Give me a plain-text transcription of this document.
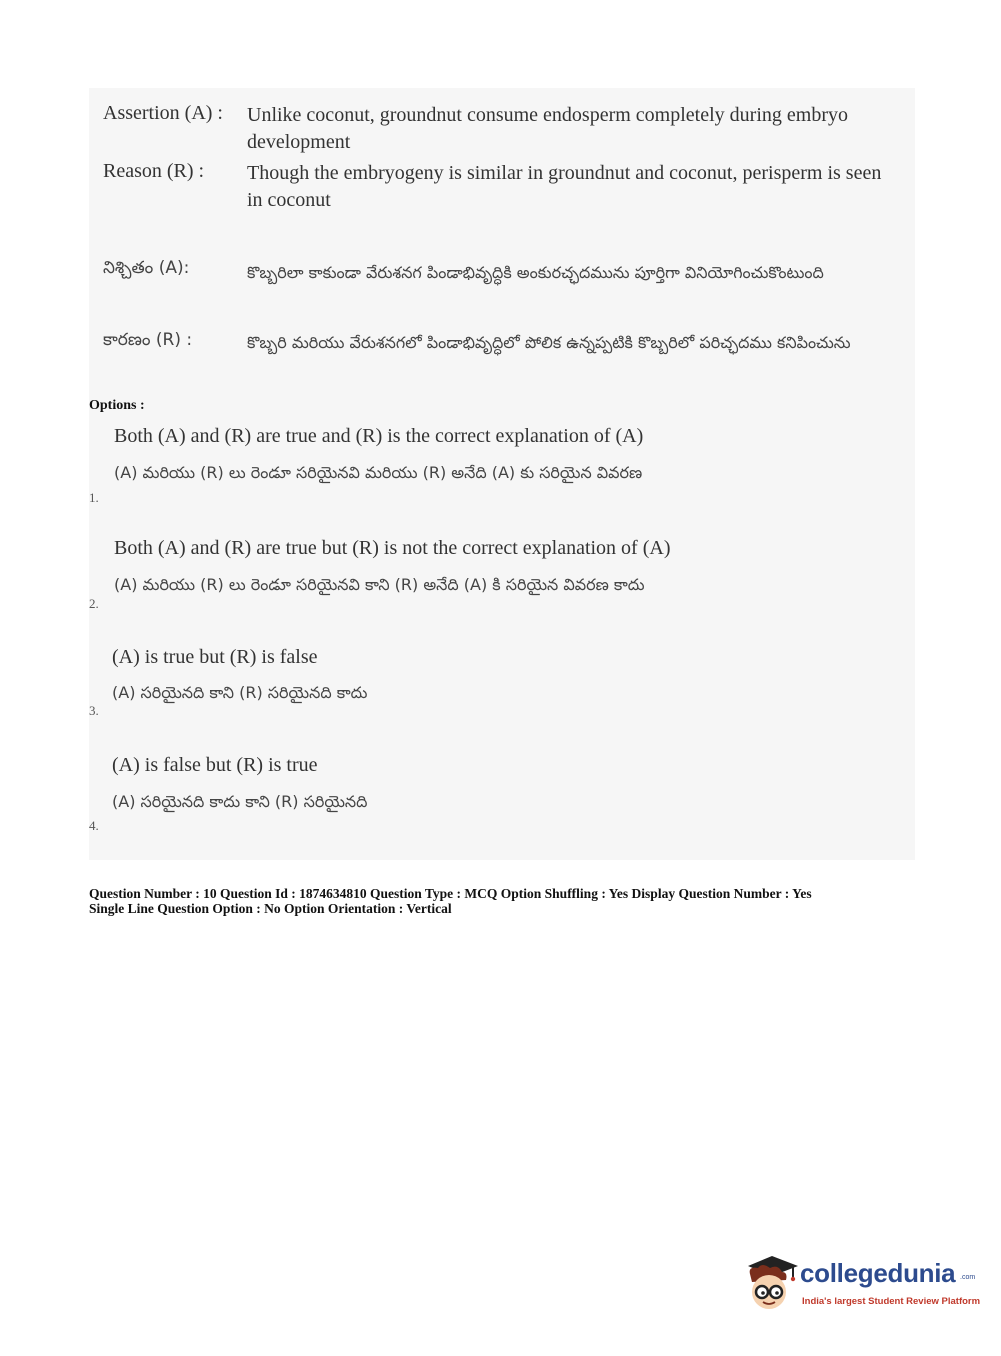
Assertion (A) : Unlike coconut, groundnut consume endosperm completely during embryo development
Reason (R) : Though the embryogeny is similar in groundnut and coconut, perisperm is seen in coconut
నిశ్చితం (A):	కొబ్బరిలా కాకుండా వేరుశనగ పిండాభివృద్ధికి అంకురచ్ఛదమును పూర్తిగా వినియోగించుకొంటుంది
కారణం (R) :	కొబ్బరి మరియు వేరుశనగలో పిండాభివృద్ధిలో పోలిక ఉన్నప్పటికి కొబ్బరిలో పరిచ్ఛదము కనిపించును
Options :
Both (A) and (R) are true and (R) is the correct explanation of (A)
(A) మరియు (R) లు రెండూ సరియైనవి మరియు (R) అనేది (A) కు సరియైన వివరణ
1.
Both (A) and (R) are true but (R) is not the correct explanation of (A)
(A) మరియు (R) లు రెండూ సరియైనవి కాని (R) అనేది (A) కి సరియైన వివరణ కాదు
2.
(A) is true but (R) is false
(A) సరియైనది కాని (R) సరియైనది కాదు
3.
(A) is false but (R) is true
(A) సరియైనది కాదు కాని (R) సరియైనది
4.
Question Number : 10 Question Id : 1874634810 Question Type : MCQ Option Shuffling : Yes Display Question Number : Yes
Single Line Question Option : No Option Orientation : Vertical
collegedunia .com
India's largest Student Review Platform
